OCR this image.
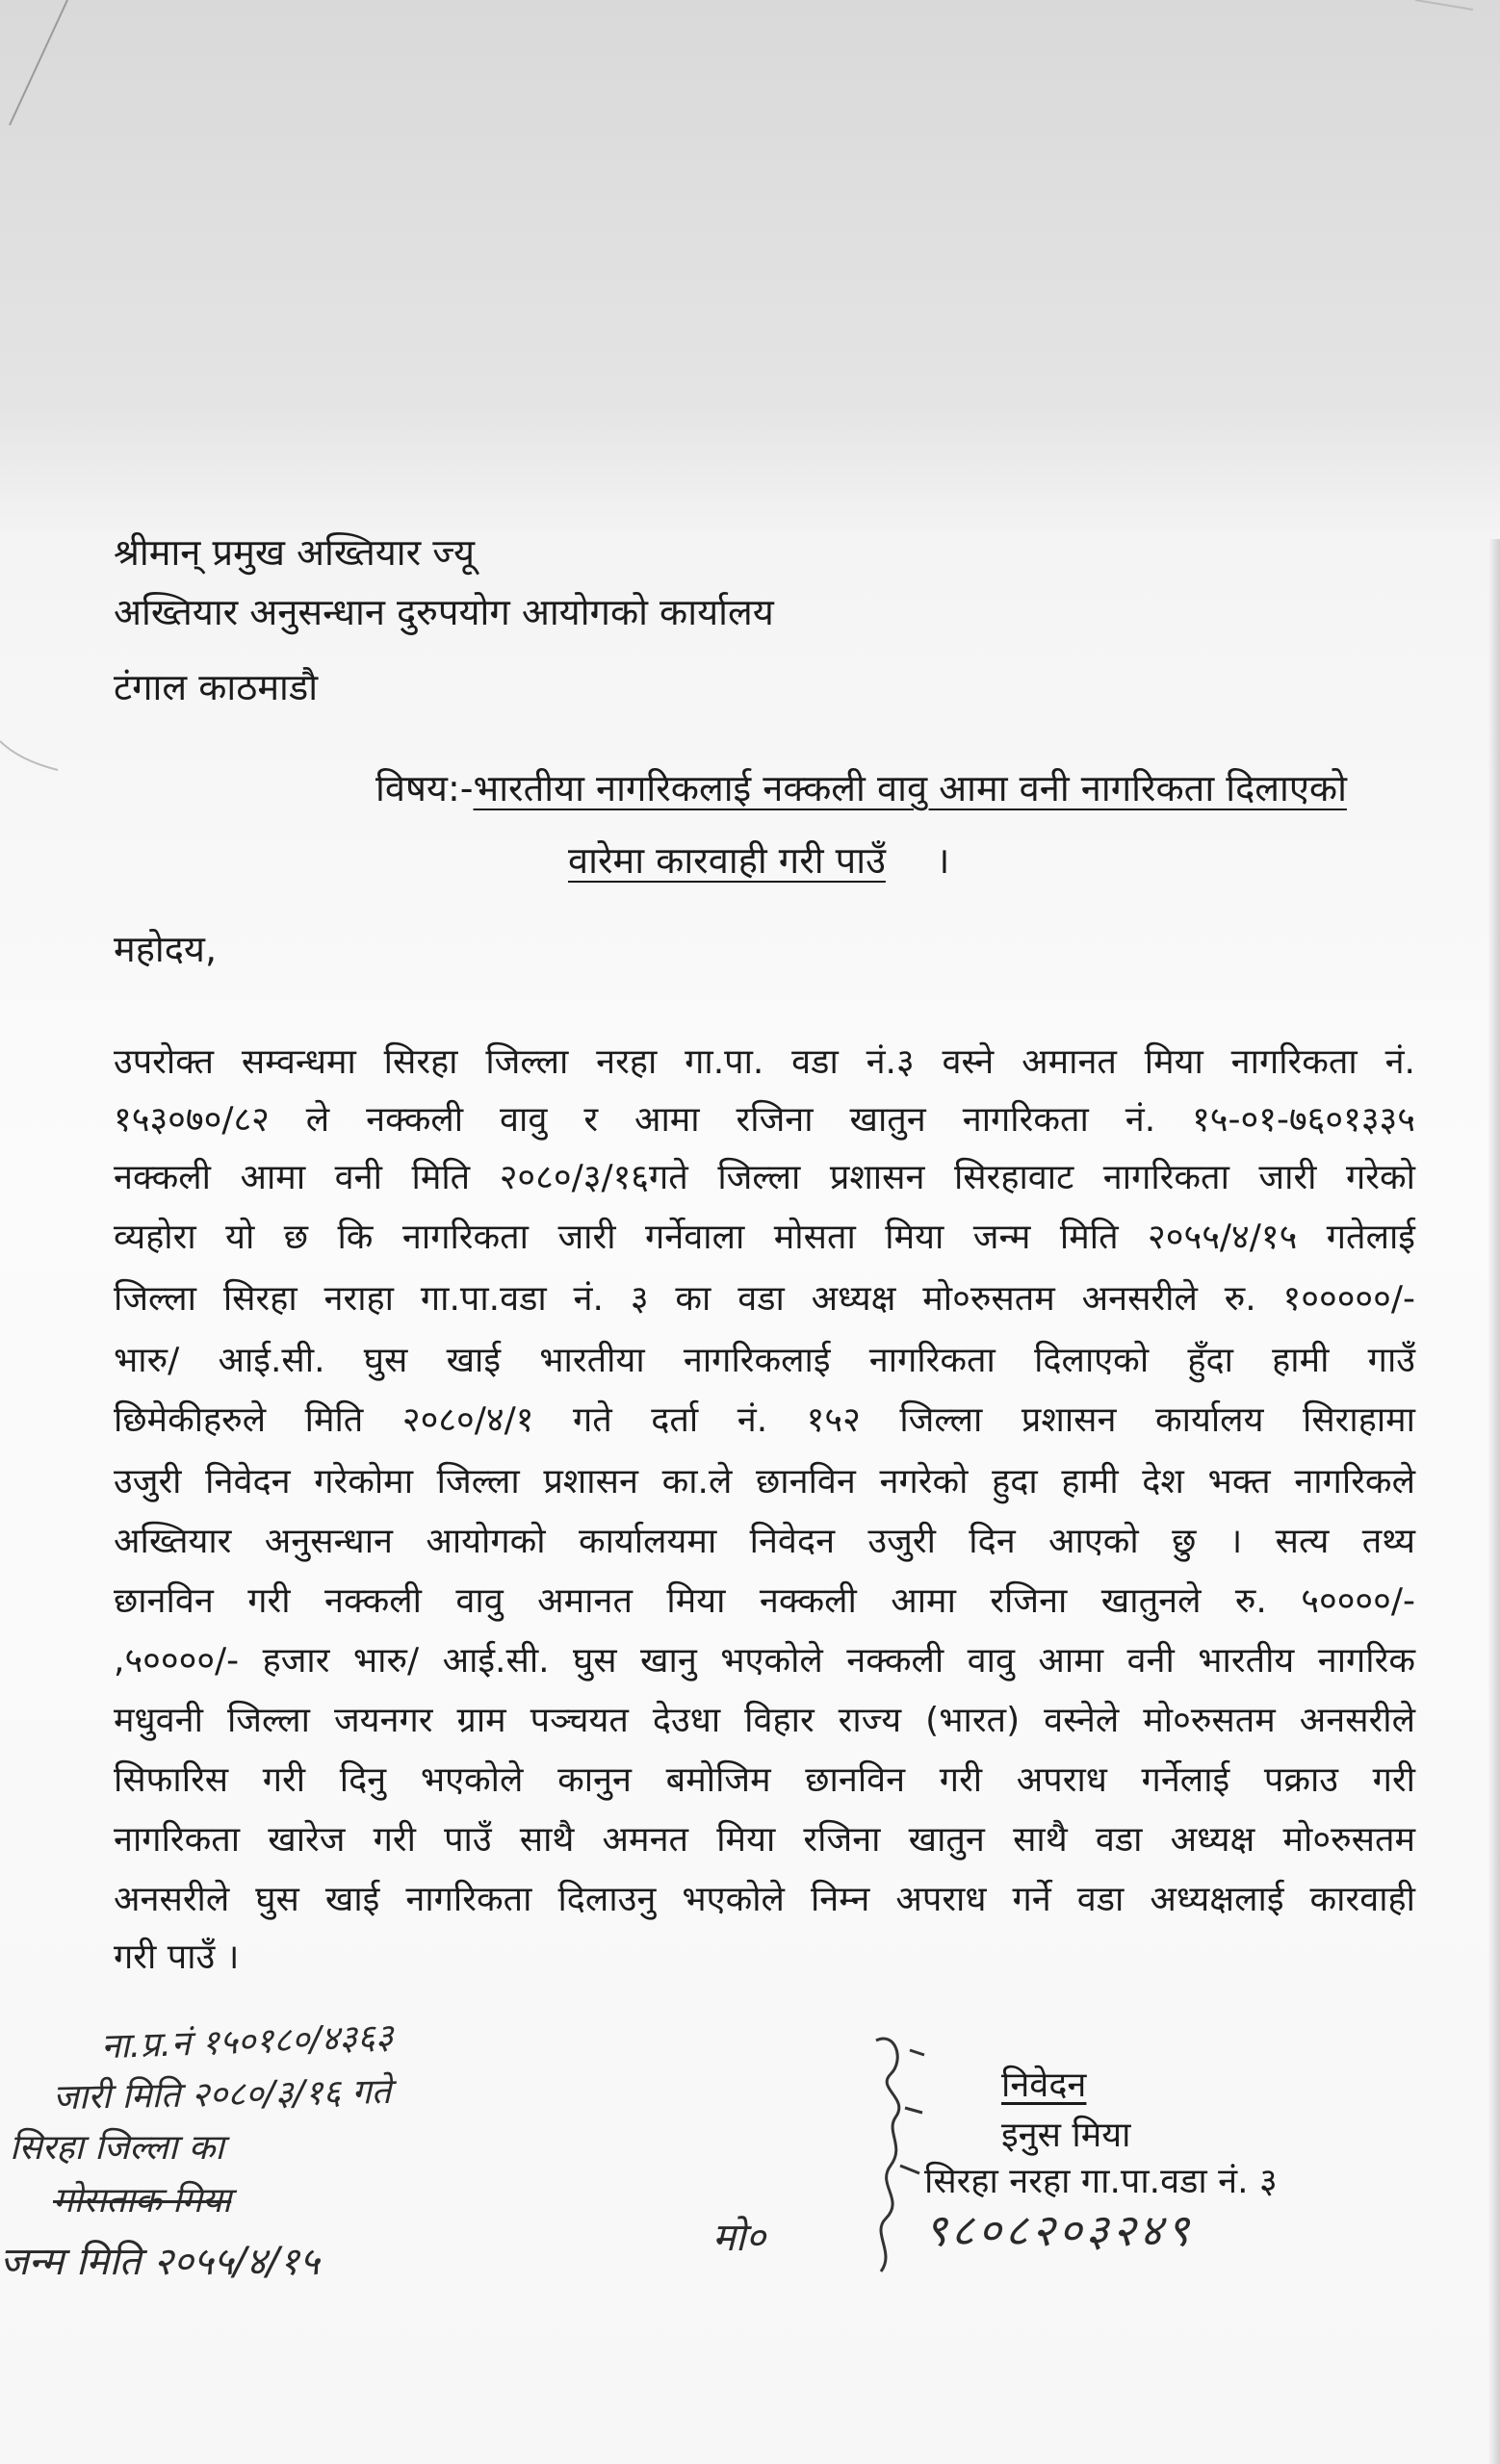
श्रीमान् प्रमुख अख्तियार ज्यू
अख्तियार अनुसन्धान दुरुपयोग आयोगको कार्यालय
टंगाल काठमाडौ
विषय:-भारतीया नागरिकलाई नक्कली वावु आमा वनी नागरिकता दिलाएको
वारेमा कारवाही गरी पाउँ ।
महोदय,
उपरोक्त सम्वन्धमा सिरहा जिल्ला नरहा गा.पा. वडा नं.३ वस्ने अमानत मिया नागरिकता नं.
१५३०७०/८२ ले नक्कली वावु र आमा रजिना खातुन नागरिकता नं. १५-०१-७६०१३३५
नक्कली आमा वनी मिति २०८०/३/१६गते जिल्ला प्रशासन सिरहावाट नागरिकता जारी गरेको
व्यहोरा यो छ कि नागरिकता जारी गर्नेवाला मोसता मिया जन्म मिति २०५५/४/१५ गतेलाई
जिल्ला सिरहा नराहा गा.पा.वडा नं. ३ का वडा अध्यक्ष मो०रुसतम अनसरीले रु. १०००००/-
भारु/ आई.सी. घुस खाई भारतीया नागरिकलाई नागरिकता दिलाएको हुँदा हामी गाउँ
छिमेकीहरुले मिति २०८०/४/१ गते दर्ता नं. १५२ जिल्ला प्रशासन कार्यालय सिराहामा
उजुरी निवेदन गरेकोमा जिल्ला प्रशासन का.ले छानविन नगरेको हुदा हामी देश भक्त नागरिकले
अख्तियार अनुसन्धान आयोगको कार्यालयमा निवेदन उजुरी दिन आएको छु । सत्य तथ्य
छानविन गरी नक्कली वावु अमानत मिया नक्कली आमा रजिना खातुनले रु. ५००००/-
,५००००/- हजार भारु/ आई.सी. घुस खानु भएकोले नक्कली वावु आमा वनी भारतीय नागरिक
मधुवनी जिल्ला जयनगर ग्राम पञ्चयत देउधा विहार राज्य (भारत) वस्नेले मो०रुसतम अनसरीले
सिफारिस गरी दिनु भएकोले कानुन बमोजिम छानविन गरी अपराध गर्नेलाई पक्राउ गरी
नागरिकता खारेज गरी पाउँ साथै अमनत मिया रजिना खातुन साथै वडा अध्यक्ष मो०रुसतम
अनसरीले घुस खाई नागरिकता दिलाउनु भएकोले निम्न अपराध गर्ने वडा अध्यक्षलाई कारवाही
गरी पाउँ ।
ना.प्र.नं १५०१८०/४३६३
जारी मिति २०८०/३/१६ गते
सिरहा जिल्ला का
मोसताक मिया
जन्म मिति २०५५/४/१५
निवेदन
इनुस मिया
सिरहा नरहा गा.पा.वडा नं. ३
मो०	९८०८२०३२४९
